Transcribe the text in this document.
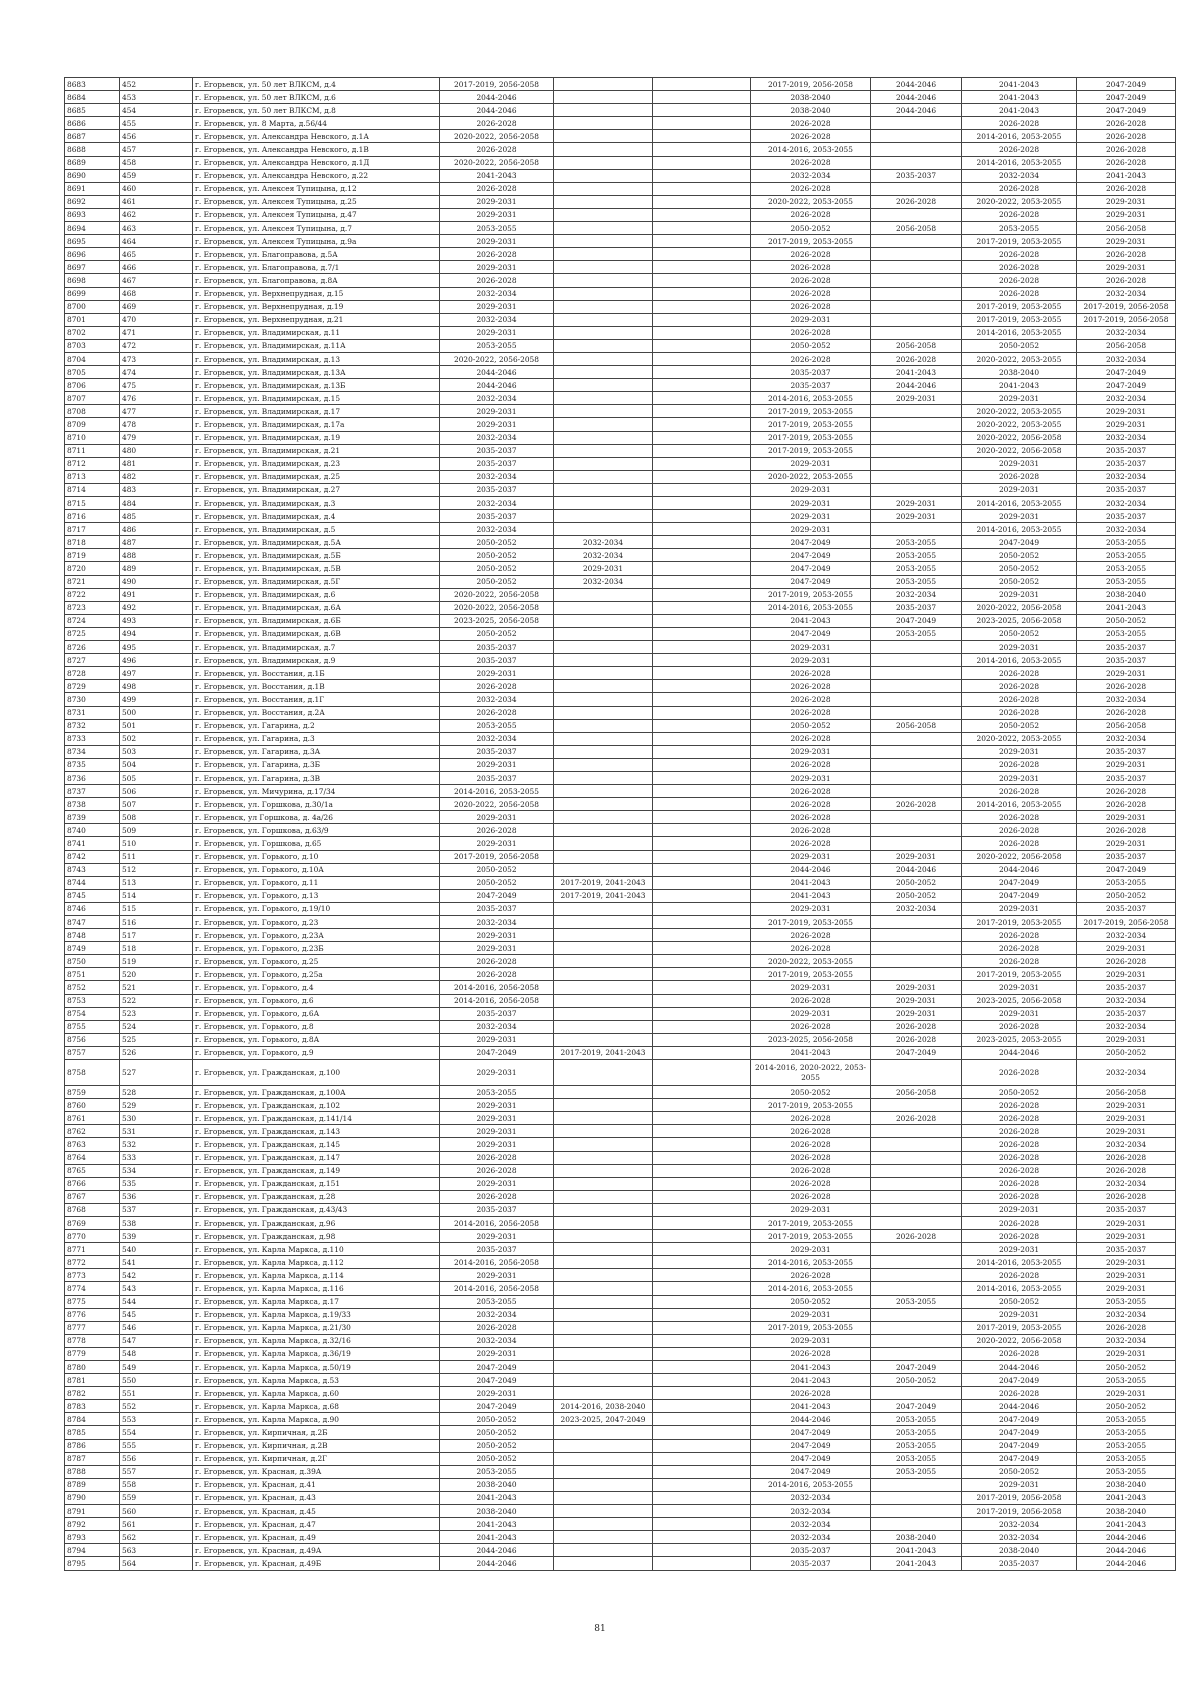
8683	452	г. Егорьевск, ул. 50 лет ВЛКСМ, д.4	2017-2019, 2056-2058			2017-2019, 2056-2058	2044-2046	2041-2043	2047-2049
8684	453	г. Егорьевск, ул. 50 лет ВЛКСМ, д.6	2044-2046			2038-2040	2044-2046	2041-2043	2047-2049
8685	454	г. Егорьевск, ул. 50 лет ВЛКСМ, д.8	2044-2046			2038-2040	2044-2046	2041-2043	2047-2049
8686	455	г. Егорьевск, ул. 8 Марта, д.56/44	2026-2028			2026-2028		2026-2028	2026-2028
8687	456	г. Егорьевск, ул. Александра Невского, д.1А	2020-2022, 2056-2058			2026-2028		2014-2016, 2053-2055	2026-2028
8688	457	г. Егорьевск, ул. Александра Невского, д.1В	2026-2028			2014-2016, 2053-2055		2026-2028	2026-2028
8689	458	г. Егорьевск, ул. Александра Невского, д.1Д	2020-2022, 2056-2058			2026-2028		2014-2016, 2053-2055	2026-2028
8690	459	г. Егорьевск, ул. Александра Невского, д.22	2041-2043			2032-2034	2035-2037	2032-2034	2041-2043
8691	460	г. Егорьевск, ул. Алексея Тупицына, д.12	2026-2028			2026-2028		2026-2028	2026-2028
8692	461	г. Егорьевск, ул. Алексея Тупицына, д.25	2029-2031			2020-2022, 2053-2055	2026-2028	2020-2022, 2053-2055	2029-2031
8693	462	г. Егорьевск, ул. Алексея Тупицына, д.47	2029-2031			2026-2028		2026-2028	2029-2031
8694	463	г. Егорьевск, ул. Алексея Тупицына, д.7	2053-2055			2050-2052	2056-2058	2053-2055	2056-2058
8695	464	г. Егорьевск, ул. Алексея Тупицына, д.9а	2029-2031			2017-2019, 2053-2055		2017-2019, 2053-2055	2029-2031
8696	465	г. Егорьевск, ул. Благоправова, д.5А	2026-2028			2026-2028		2026-2028	2026-2028
8697	466	г. Егорьевск, ул. Благоправова, д.7/1	2029-2031			2026-2028		2026-2028	2029-2031
8698	467	г. Егорьевск, ул. Благоправова, д.8А	2026-2028			2026-2028		2026-2028	2026-2028
8699	468	г. Егорьевск, ул. Верхнепрудная, д.15	2032-2034			2026-2028		2026-2028	2032-2034
8700	469	г. Егорьевск, ул. Верхнепрудная, д.19	2029-2031			2026-2028		2017-2019, 2053-2055	2017-2019, 2056-2058
8701	470	г. Егорьевск, ул. Верхнепрудная, д.21	2032-2034			2029-2031		2017-2019, 2053-2055	2017-2019, 2056-2058
8702	471	г. Егорьевск, ул. Владимирская, д.11	2029-2031			2026-2028		2014-2016, 2053-2055	2032-2034
8703	472	г. Егорьевск, ул. Владимирская, д.11А	2053-2055			2050-2052	2056-2058	2050-2052	2056-2058
8704	473	г. Егорьевск, ул. Владимирская, д.13	2020-2022, 2056-2058			2026-2028	2026-2028	2020-2022, 2053-2055	2032-2034
8705	474	г. Егорьевск, ул. Владимирская, д.13А	2044-2046			2035-2037	2041-2043	2038-2040	2047-2049
8706	475	г. Егорьевск, ул. Владимирская, д.13Б	2044-2046			2035-2037	2044-2046	2041-2043	2047-2049
8707	476	г. Егорьевск, ул. Владимирская, д.15	2032-2034			2014-2016, 2053-2055	2029-2031	2029-2031	2032-2034
8708	477	г. Егорьевск, ул. Владимирская, д.17	2029-2031			2017-2019, 2053-2055		2020-2022, 2053-2055	2029-2031
8709	478	г. Егорьевск, ул. Владимирская, д.17а	2029-2031			2017-2019, 2053-2055		2020-2022, 2053-2055	2029-2031
8710	479	г. Егорьевск, ул. Владимирская, д.19	2032-2034			2017-2019, 2053-2055		2020-2022, 2056-2058	2032-2034
8711	480	г. Егорьевск, ул. Владимирская, д.21	2035-2037			2017-2019, 2053-2055		2020-2022, 2056-2058	2035-2037
8712	481	г. Егорьевск, ул. Владимирская, д.23	2035-2037			2029-2031		2029-2031	2035-2037
8713	482	г. Егорьевск, ул. Владимирская, д.25	2032-2034			2020-2022, 2053-2055		2026-2028	2032-2034
8714	483	г. Егорьевск, ул. Владимирская, д.27	2035-2037			2029-2031		2029-2031	2035-2037
8715	484	г. Егорьевск, ул. Владимирская, д.3	2032-2034			2029-2031	2029-2031	2014-2016, 2053-2055	2032-2034
8716	485	г. Егорьевск, ул. Владимирская, д.4	2035-2037			2029-2031	2029-2031	2029-2031	2035-2037
8717	486	г. Егорьевск, ул. Владимирская, д.5	2032-2034			2029-2031		2014-2016, 2053-2055	2032-2034
8718	487	г. Егорьевск, ул. Владимирская, д.5А	2050-2052	2032-2034		2047-2049	2053-2055	2047-2049	2053-2055
8719	488	г. Егорьевск, ул. Владимирская, д.5Б	2050-2052	2032-2034		2047-2049	2053-2055	2050-2052	2053-2055
8720	489	г. Егорьевск, ул. Владимирская, д.5В	2050-2052	2029-2031		2047-2049	2053-2055	2050-2052	2053-2055
8721	490	г. Егорьевск, ул. Владимирская, д.5Г	2050-2052	2032-2034		2047-2049	2053-2055	2050-2052	2053-2055
8722	491	г. Егорьевск, ул. Владимирская, д.6	2020-2022, 2056-2058			2017-2019, 2053-2055	2032-2034	2029-2031	2038-2040
8723	492	г. Егорьевск, ул. Владимирская, д.6А	2020-2022, 2056-2058			2014-2016, 2053-2055	2035-2037	2020-2022, 2056-2058	2041-2043
8724	493	г. Егорьевск, ул. Владимирская, д.6Б	2023-2025, 2056-2058			2041-2043	2047-2049	2023-2025, 2056-2058	2050-2052
8725	494	г. Егорьевск, ул. Владимирская, д.6В	2050-2052			2047-2049	2053-2055	2050-2052	2053-2055
8726	495	г. Егорьевск, ул. Владимирская, д.7	2035-2037			2029-2031		2029-2031	2035-2037
8727	496	г. Егорьевск, ул. Владимирская, д.9	2035-2037			2029-2031		2014-2016, 2053-2055	2035-2037
8728	497	г. Егорьевск, ул. Восстания, д.1Б	2029-2031			2026-2028		2026-2028	2029-2031
8729	498	г. Егорьевск, ул. Восстания, д.1В	2026-2028			2026-2028		2026-2028	2026-2028
8730	499	г. Егорьевск, ул. Восстания, д.1Г	2032-2034			2026-2028		2026-2028	2032-2034
8731	500	г. Егорьевск, ул. Восстания, д.2А	2026-2028			2026-2028		2026-2028	2026-2028
8732	501	г. Егорьевск, ул. Гагарина, д.2	2053-2055			2050-2052	2056-2058	2050-2052	2056-2058
8733	502	г. Егорьевск, ул. Гагарина, д.3	2032-2034			2026-2028		2020-2022, 2053-2055	2032-2034
8734	503	г. Егорьевск, ул. Гагарина, д.3А	2035-2037			2029-2031		2029-2031	2035-2037
8735	504	г. Егорьевск, ул. Гагарина, д.3Б	2029-2031			2026-2028		2026-2028	2029-2031
8736	505	г. Егорьевск, ул. Гагарина, д.3В	2035-2037			2029-2031		2029-2031	2035-2037
8737	506	г. Егорьевск, ул. Мичурина, д.17/34	2014-2016, 2053-2055			2026-2028		2026-2028	2026-2028
8738	507	г. Егорьевск, ул. Горшкова, д.30/1а	2020-2022, 2056-2058			2026-2028	2026-2028	2014-2016, 2053-2055	2026-2028
8739	508	г. Егорьевск, ул Горшкова, д. 4а/26	2029-2031			2026-2028		2026-2028	2029-2031
8740	509	г. Егорьевск, ул. Горшкова, д.63/9	2026-2028			2026-2028		2026-2028	2026-2028
8741	510	г. Егорьевск, ул. Горшкова, д.65	2029-2031			2026-2028		2026-2028	2029-2031
8742	511	г. Егорьевск, ул. Горького, д.10	2017-2019, 2056-2058			2029-2031	2029-2031	2020-2022, 2056-2058	2035-2037
8743	512	г. Егорьевск, ул. Горького, д.10А	2050-2052			2044-2046	2044-2046	2044-2046	2047-2049
8744	513	г. Егорьевск, ул. Горького, д.11	2050-2052	2017-2019, 2041-2043		2041-2043	2050-2052	2047-2049	2053-2055
8745	514	г. Егорьевск, ул. Горького, д.13	2047-2049	2017-2019, 2041-2043		2041-2043	2050-2052	2047-2049	2050-2052
8746	515	г. Егорьевск, ул. Горького, д.19/10	2035-2037			2029-2031	2032-2034	2029-2031	2035-2037
8747	516	г. Егорьевск, ул. Горького, д.23	2032-2034			2017-2019, 2053-2055		2017-2019, 2053-2055	2017-2019, 2056-2058
8748	517	г. Егорьевск, ул. Горького, д.23А	2029-2031			2026-2028		2026-2028	2032-2034
8749	518	г. Егорьевск, ул. Горького, д.23Б	2029-2031			2026-2028		2026-2028	2029-2031
8750	519	г. Егорьевск, ул. Горького, д.25	2026-2028			2020-2022, 2053-2055		2026-2028	2026-2028
8751	520	г. Егорьевск, ул. Горького, д.25а	2026-2028			2017-2019, 2053-2055		2017-2019, 2053-2055	2029-2031
8752	521	г. Егорьевск, ул. Горького, д.4	2014-2016, 2056-2058			2029-2031	2029-2031	2029-2031	2035-2037
8753	522	г. Егорьевск, ул. Горького, д.6	2014-2016, 2056-2058			2026-2028	2029-2031	2023-2025, 2056-2058	2032-2034
8754	523	г. Егорьевск, ул. Горького, д.6А	2035-2037			2029-2031	2029-2031	2029-2031	2035-2037
8755	524	г. Егорьевск, ул. Горького, д.8	2032-2034			2026-2028	2026-2028	2026-2028	2032-2034
8756	525	г. Егорьевск, ул. Горького, д.8А	2029-2031			2023-2025, 2056-2058	2026-2028	2023-2025, 2053-2055	2029-2031
8757	526	г. Егорьевск, ул. Горького, д.9	2047-2049	2017-2019, 2041-2043		2041-2043	2047-2049	2044-2046	2050-2052
8758	527	г. Егорьевск, ул. Гражданская, д.100	2029-2031			2014-2016, 2020-2022, 2053-2055		2026-2028	2032-2034
8759	528	г. Егорьевск, ул. Гражданская, д.100А	2053-2055			2050-2052	2056-2058	2050-2052	2056-2058
8760	529	г. Егорьевск, ул. Гражданская, д.102	2029-2031			2017-2019, 2053-2055		2026-2028	2029-2031
8761	530	г. Егорьевск, ул. Гражданская, д.141/14	2029-2031			2026-2028	2026-2028	2026-2028	2029-2031
8762	531	г. Егорьевск, ул. Гражданская, д.143	2029-2031			2026-2028		2026-2028	2029-2031
8763	532	г. Егорьевск, ул. Гражданская, д.145	2029-2031			2026-2028		2026-2028	2032-2034
8764	533	г. Егорьевск, ул. Гражданская, д.147	2026-2028			2026-2028		2026-2028	2026-2028
8765	534	г. Егорьевск, ул. Гражданская, д.149	2026-2028			2026-2028		2026-2028	2026-2028
8766	535	г. Егорьевск, ул. Гражданская, д.151	2029-2031			2026-2028		2026-2028	2032-2034
8767	536	г. Егорьевск, ул. Гражданская, д.28	2026-2028			2026-2028		2026-2028	2026-2028
8768	537	г. Егорьевск, ул. Гражданская, д.43/43	2035-2037			2029-2031		2029-2031	2035-2037
8769	538	г. Егорьевск, ул. Гражданская, д.96	2014-2016, 2056-2058			2017-2019, 2053-2055		2026-2028	2029-2031
8770	539	г. Егорьевск, ул. Гражданская, д.98	2029-2031			2017-2019, 2053-2055	2026-2028	2026-2028	2029-2031
8771	540	г. Егорьевск, ул. Карла Маркса, д.110	2035-2037			2029-2031		2029-2031	2035-2037
8772	541	г. Егорьевск, ул. Карла Маркса, д.112	2014-2016, 2056-2058			2014-2016, 2053-2055		2014-2016, 2053-2055	2029-2031
8773	542	г. Егорьевск, ул. Карла Маркса, д.114	2029-2031			2026-2028		2026-2028	2029-2031
8774	543	г. Егорьевск, ул. Карла Маркса, д.116	2014-2016, 2056-2058			2014-2016, 2053-2055		2014-2016, 2053-2055	2029-2031
8775	544	г. Егорьевск, ул. Карла Маркса, д.17	2053-2055			2050-2052	2053-2055	2050-2052	2053-2055
8776	545	г. Егорьевск, ул. Карла Маркса, д.19/33	2032-2034			2029-2031		2029-2031	2032-2034
8777	546	г. Егорьевск, ул. Карла Маркса, д.21/30	2026-2028			2017-2019, 2053-2055		2017-2019, 2053-2055	2026-2028
8778	547	г. Егорьевск, ул. Карла Маркса, д.32/16	2032-2034			2029-2031		2020-2022, 2056-2058	2032-2034
8779	548	г. Егорьевск, ул. Карла Маркса, д.36/19	2029-2031			2026-2028		2026-2028	2029-2031
8780	549	г. Егорьевск, ул. Карла Маркса, д.50/19	2047-2049			2041-2043	2047-2049	2044-2046	2050-2052
8781	550	г. Егорьевск, ул. Карла Маркса, д.53	2047-2049			2041-2043	2050-2052	2047-2049	2053-2055
8782	551	г. Егорьевск, ул. Карла Маркса, д.60	2029-2031			2026-2028		2026-2028	2029-2031
8783	552	г. Егорьевск, ул. Карла Маркса, д.68	2047-2049	2014-2016, 2038-2040		2041-2043	2047-2049	2044-2046	2050-2052
8784	553	г. Егорьевск, ул. Карла Маркса, д.90	2050-2052	2023-2025, 2047-2049		2044-2046	2053-2055	2047-2049	2053-2055
8785	554	г. Егорьевск, ул. Кирпичная, д.2Б	2050-2052			2047-2049	2053-2055	2047-2049	2053-2055
8786	555	г. Егорьевск, ул. Кирпичная, д.2В	2050-2052			2047-2049	2053-2055	2047-2049	2053-2055
8787	556	г. Егорьевск, ул. Кирпичная, д.2Г	2050-2052			2047-2049	2053-2055	2047-2049	2053-2055
8788	557	г. Егорьевск, ул. Красная, д.39А	2053-2055			2047-2049	2053-2055	2050-2052	2053-2055
8789	558	г. Егорьевск, ул. Красная, д.41	2038-2040			2014-2016, 2053-2055		2029-2031	2038-2040
8790	559	г. Егорьевск, ул. Красная, д.43	2041-2043			2032-2034		2017-2019, 2056-2058	2041-2043
8791	560	г. Егорьевск, ул. Красная, д.45	2038-2040			2032-2034		2017-2019, 2056-2058	2038-2040
8792	561	г. Егорьевск, ул. Красная, д.47	2041-2043			2032-2034		2032-2034	2041-2043
8793	562	г. Егорьевск, ул. Красная, д.49	2041-2043			2032-2034	2038-2040	2032-2034	2044-2046
8794	563	г. Егорьевск, ул. Красная, д.49А	2044-2046			2035-2037	2041-2043	2038-2040	2044-2046
8795	564	г. Егорьевск, ул. Красная, д.49Б	2044-2046			2035-2037	2041-2043	2035-2037	2044-2046
81
